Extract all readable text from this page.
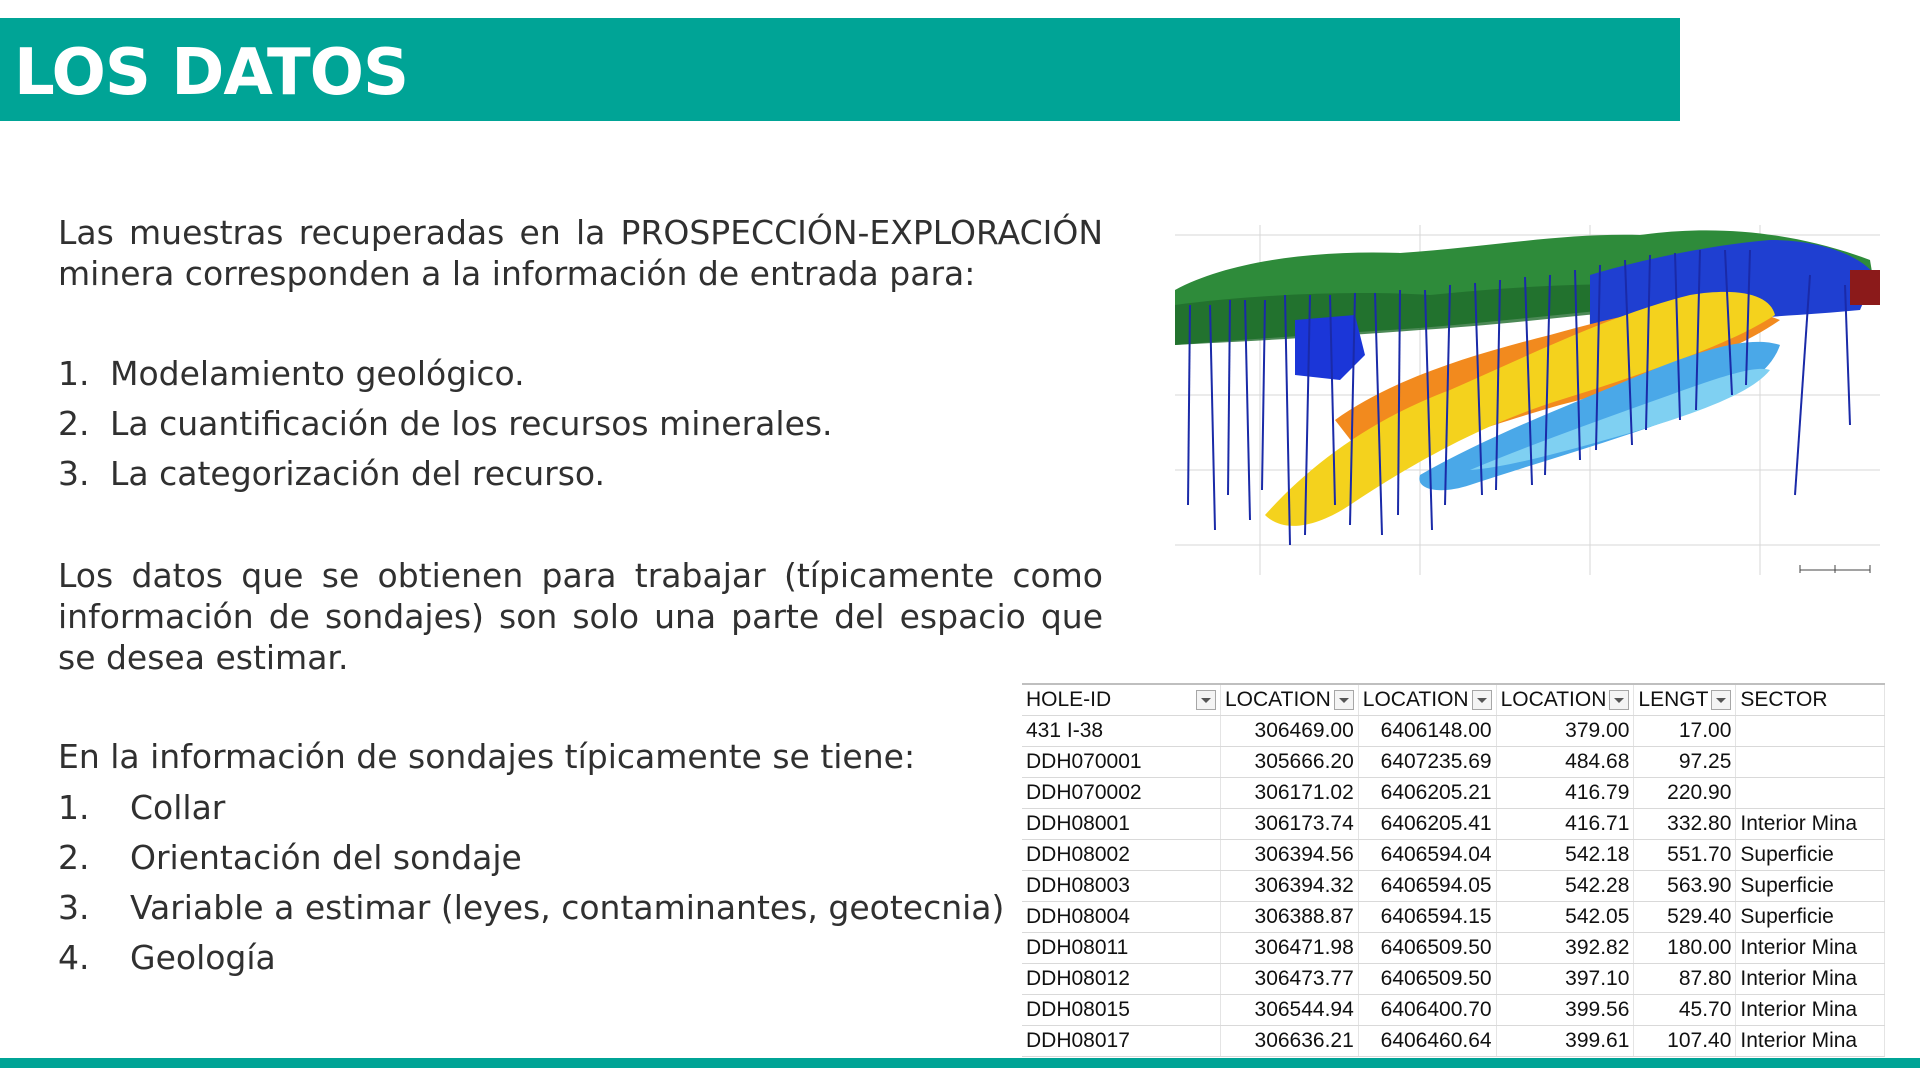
LOS DATOS
Las muestras recuperadas en la PROSPECCIÓN-EXPLORACIÓN minera corresponden a la información de entrada para:
1. Modelamiento geológico.
2. La cuantificación de los recursos minerales.
3. La categorización del recurso.
Los datos que se obtienen para trabajar (típicamente como información de sondajes) son solo una parte del espacio que se desea estimar.
En la información de sondajes típicamente se tiene:
1.	Collar
2.	Orientación del sondaje
3.	Variable a estimar (leyes, contaminantes, geotecnia)
4.	Geología
HOLE-ID	LOCATION	LOCATION	LOCATION	LENGT	SECTOR
431 I-38	306469.00	6406148.00	379.00	17.00	
DDH070001	305666.20	6407235.69	484.68	97.25	
DDH070002	306171.02	6406205.21	416.79	220.90	
DDH08001	306173.74	6406205.41	416.71	332.80	Interior Mina
DDH08002	306394.56	6406594.04	542.18	551.70	Superficie
DDH08003	306394.32	6406594.05	542.28	563.90	Superficie
DDH08004	306388.87	6406594.15	542.05	529.40	Superficie
DDH08011	306471.98	6406509.50	392.82	180.00	Interior Mina
DDH08012	306473.77	6406509.50	397.10	87.80	Interior Mina
DDH08015	306544.94	6406400.70	399.56	45.70	Interior Mina
DDH08017	306636.21	6406460.64	399.61	107.40	Interior Mina
